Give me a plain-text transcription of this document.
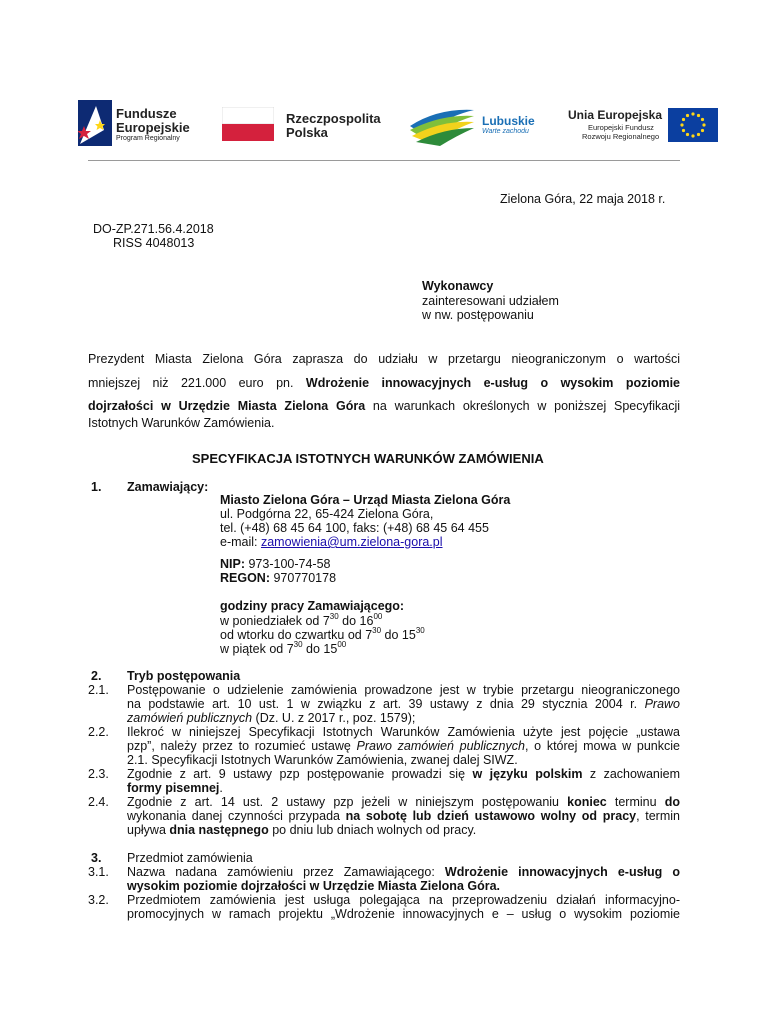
Fundusze
Europejskie
Program Regionalny
Rzeczpospolita
Polska
Lubuskie
Warte zachodu
Unia Europejska
Europejski Fundusz
Rozwoju Regionalnego
Zielona Góra, 22 maja 2018 r.
DO-ZP.271.56.4.2018
RISS 4048013
Wykonawcy
zainteresowani udziałem
w nw. postępowaniu
Prezydent Miasta Zielona Góra zaprasza do udziału w przetargu nieograniczonym o wartości
mniejszej niż 221.000 euro pn. Wdrożenie innowacyjnych e-usług o wysokim poziomie
dojrzałości w Urzędzie Miasta Zielona Góra na warunkach określonych w poniższej Specyfikacji
Istotnych Warunków Zamówienia.
SPECYFIKACJA ISTOTNYCH WARUNKÓW ZAMÓWIENIA
1. Zamawiający:
Miasto Zielona Góra – Urząd Miasta Zielona Góra
ul. Podgórna 22, 65-424 Zielona Góra,
tel. (+48) 68 45 64 100, faks: (+48) 68 45 64 455
e-mail: zamowienia@um.zielona-gora.pl
NIP: 973-100-74-58
REGON: 970770178
godziny pracy Zamawiającego:
w poniedziałek od $7^{30}$ do $16^{00}$
od wtorku do czwartku od $7^{30}$ do $15^{30}$
w piątek od $7^{30}$ do $15^{00}$
2. Tryb postępowania
2.1. Postępowanie o udzielenie zamówienia prowadzone jest w trybie przetargu nieograniczonego
na podstawie art. 10 ust. 1 w związku z art. 39 ustawy z dnia 29 stycznia 2004 r. Prawo
zamówień publicznych (Dz. U. z 2017 r., poz. 1579);
2.2. Ilekroć w niniejszej Specyfikacji Istotnych Warunków Zamówienia użyte jest pojęcie „ustawa
pzp”, należy przez to rozumieć ustawę Prawo zamówień publicznych, o której mowa w punkcie
2.1. Specyfikacji Istotnych Warunków Zamówienia, zwanej dalej SIWZ.
2.3. Zgodnie z art. 9 ustawy pzp postępowanie prowadzi się w języku polskim z zachowaniem
formy pisemnej.
2.4. Zgodnie z art. 14 ust. 2 ustawy pzp jeżeli w niniejszym postępowaniu koniec terminu do
wykonania danej czynności przypada na sobotę lub dzień ustawowo wolny od pracy, termin
upływa dnia następnego po dniu lub dniach wolnych od pracy.
3. Przedmiot zamówienia
3.1. Nazwa nadana zamówieniu przez Zamawiającego: Wdrożenie innowacyjnych e-usług o
wysokim poziomie dojrzałości w Urzędzie Miasta Zielona Góra.
3.2. Przedmiotem zamówienia jest usługa polegająca na przeprowadzeniu działań informacyjno-
promocyjnych w ramach projektu „Wdrożenie innowacyjnych e – usług o wysokim poziomie
